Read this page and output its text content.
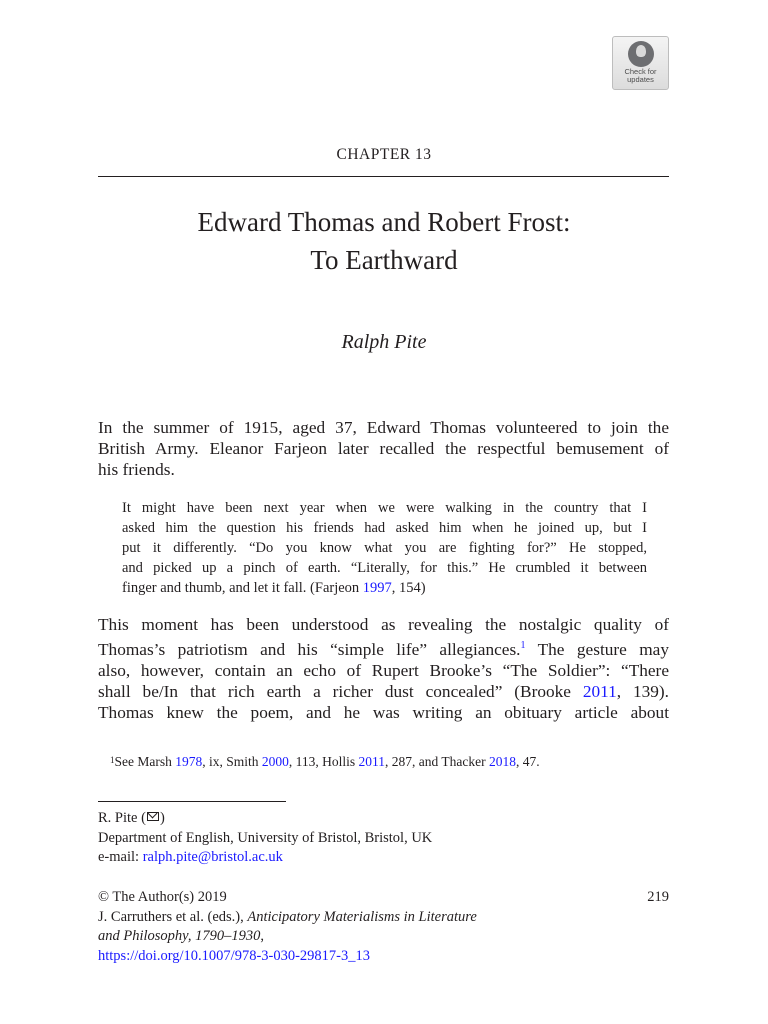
Check for
updates
CHAPTER 13
Edward Thomas and Robert Frost:
To Earthward
Ralph Pite
In the summer of 1915, aged 37, Edward Thomas volunteered to join the
British Army. Eleanor Farjeon later recalled the respectful bemusement of
his friends.
It might have been next year when we were walking in the country that I
asked him the question his friends had asked him when he joined up, but I
put it differently. “Do you know what you are fighting for?” He stopped,
and picked up a pinch of earth. “Literally, for this.” He crumbled it between
finger and thumb, and let it fall. (Farjeon 1997, 154)
This moment has been understood as revealing the nostalgic quality of
Thomas’s patriotism and his “simple life” allegiances.$^1$ The gesture may
also, however, contain an echo of Rupert Brooke’s “The Soldier”: “There
shall be/In that rich earth a richer dust concealed” (Brooke 2011, 139).
Thomas knew the poem, and he was writing an obituary article about
$^1$See Marsh 1978, ix, Smith 2000, 113, Hollis 2011, 287, and Thacker 2018, 47.
R. Pite ( )
Department of English, University of Bristol, Bristol, UK
e-mail: ralph.pite@bristol.ac.uk
© The Author(s) 2019	219
J. Carruthers et al. (eds.), Anticipatory Materialisms in Literature
and Philosophy, 1790–1930,
https://doi.org/10.1007/978-3-030-29817-3_13
